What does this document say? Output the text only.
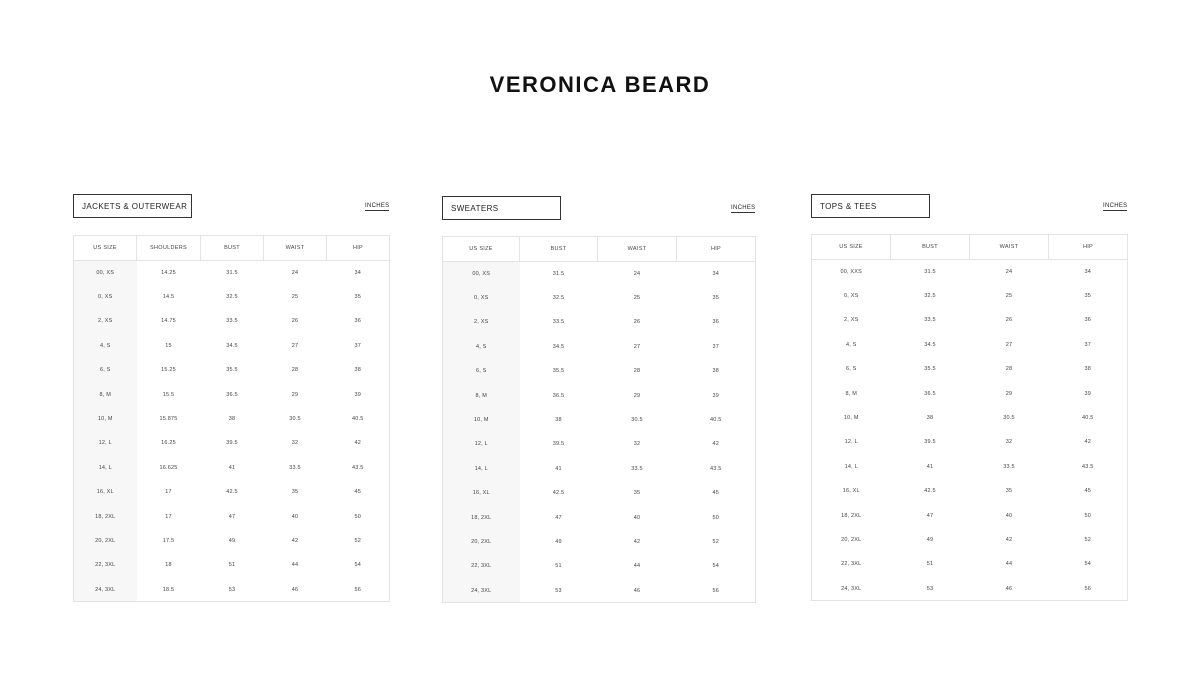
VERONICA BEARD
JACKETS & OUTERWEAR	INCHES
US SIZE	SHOULDERS	BUST	WAIST	HIP
00, XS	14.25	31.5	24	34
0, XS	14.5	32.5	25	35
2, XS	14.75	33.5	26	36
4, S	15	34.5	27	37
6, S	15.25	35.5	28	38
8, M	15.5	36.5	29	39
10, M	15.875	38	30.5	40.5
12, L	16.25	39.5	32	42
14, L	16.625	41	33.5	43.5
16, XL	17	42.5	35	45
18, 2XL	17	47	40	50
20, 2XL	17.5	49	42	52
22, 3XL	18	51	44	54
24, 3XL	18.5	53	46	56
SWEATERS	INCHES
US SIZE	BUST	WAIST	HIP
00, XS	31.5	24	34
0, XS	32.5	25	35
2, XS	33.5	26	36
4, S	34.5	27	37
6, S	35.5	28	38
8, M	36.5	29	39
10, M	38	30.5	40.5
12, L	39.5	32	42
14, L	41	33.5	43.5
16, XL	42.5	35	45
18, 2XL	47	40	50
20, 2XL	49	42	52
22, 3XL	51	44	54
24, 3XL	53	46	56
TOPS & TEES	INCHES
US SIZE	BUST	WAIST	HIP
00, XXS	31.5	24	34
0, XS	32.5	25	35
2, XS	33.5	26	36
4, S	34.5	27	37
6, S	35.5	28	38
8, M	36.5	29	39
10, M	38	30.5	40.5
12, L	39.5	32	42
14, L	41	33.5	43.5
16, XL	42.5	35	45
18, 2XL	47	40	50
20, 2XL	49	42	52
22, 3XL	51	44	54
24, 3XL	53	46	56
